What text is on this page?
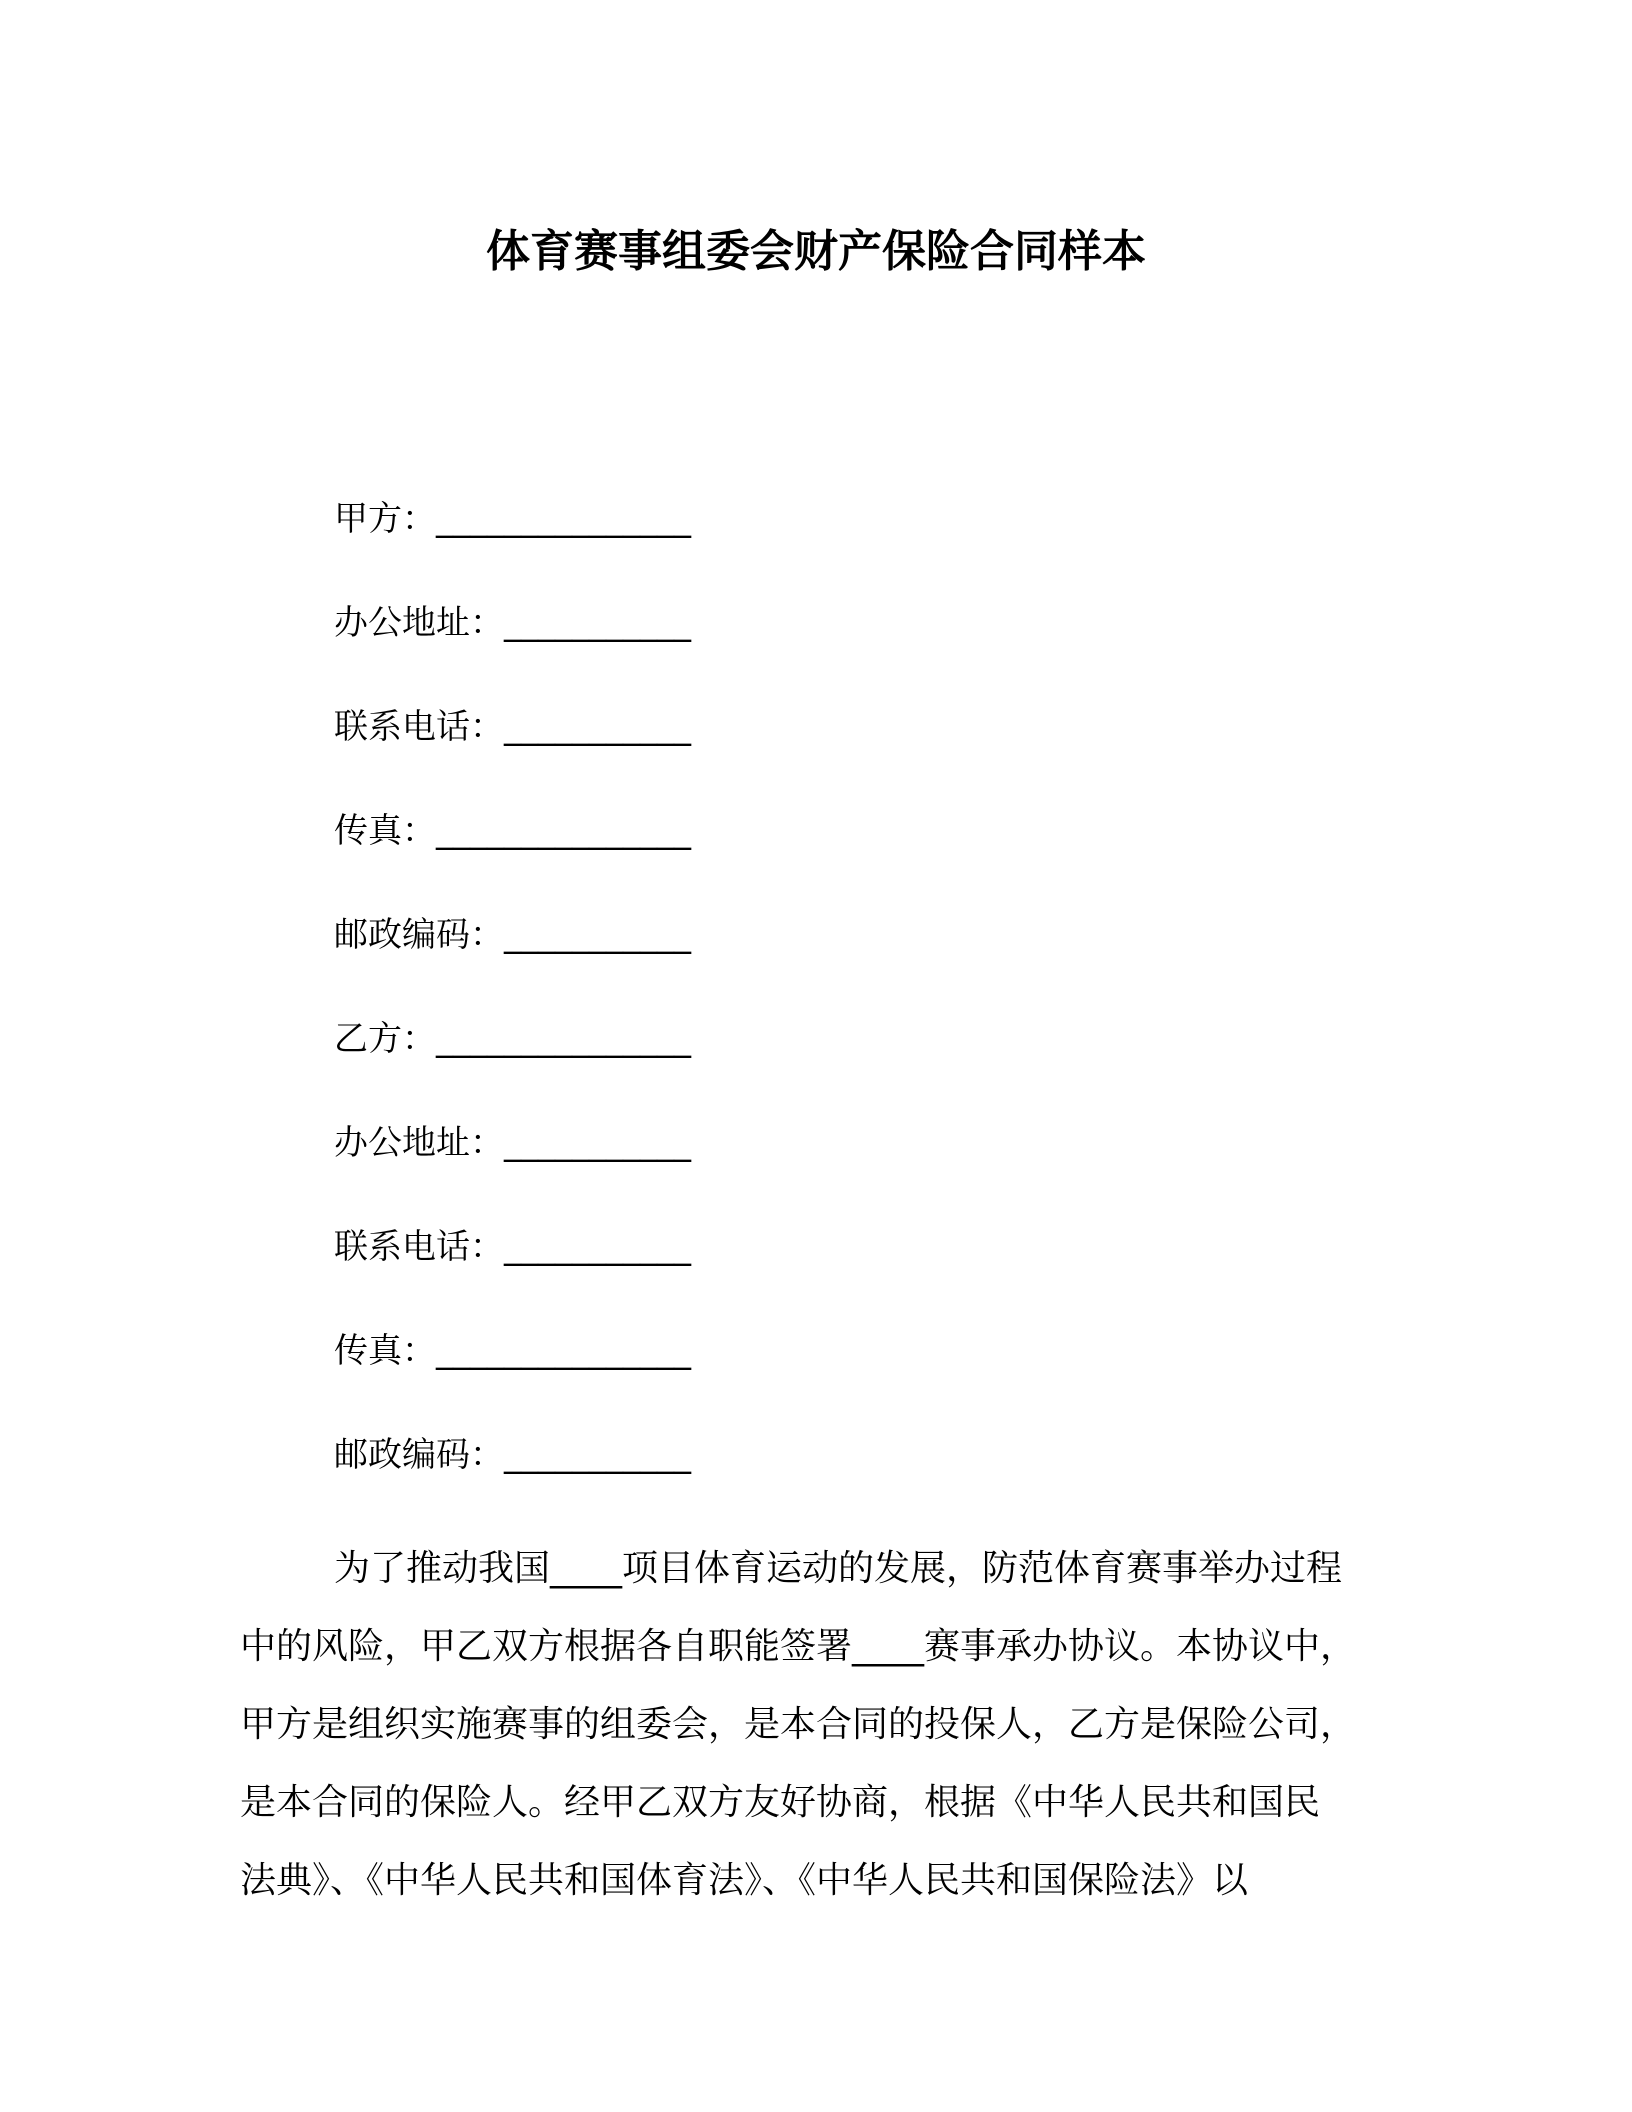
体育赛事组委会财产保险合同样本
甲方：_______________
办公地址：___________
联系电话：___________
传真：_______________
邮政编码：___________
乙方：_______________
办公地址：___________
联系电话：___________
传真：_______________
邮政编码：___________
为了推动我国____项目体育运动的发展，防范体育赛事举办过程
中的风险，甲乙双方根据各自职能签署____赛事承办协议。本协议中，
甲方是组织实施赛事的组委会，是本合同的投保人，乙方是保险公司，
是本合同的保险人。经甲乙双方友好协商，根据《中华人民共和国民
法典》、《中华人民共和国体育法》、《中华人民共和国保险法》以
